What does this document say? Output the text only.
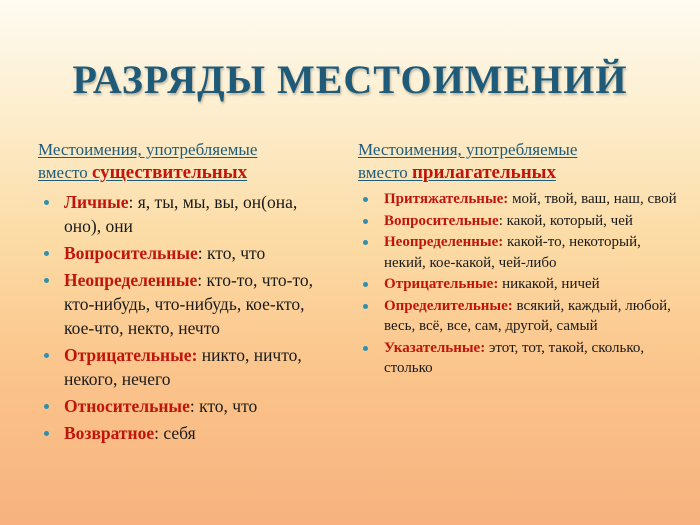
РАЗРЯДЫ МЕСТОИМЕНИЙ
Местоимения, употребляемые
вместо существительных
Личные: я, ты, мы, вы, он(она, оно), они
Вопросительные: кто, что
Неопределенные: кто-то, что-то, кто-нибудь, что-нибудь, кое-кто, кое-что, некто, нечто
Отрицательные: никто, ничто, некого, нечего
Относительные: кто, что
Возвратное: себя
Местоимения, употребляемые
вместо прилагательных
Притяжательные: мой, твой, ваш, наш, свой
Вопросительные: какой, который, чей
Неопределенные: какой-то, некоторый, некий, кое-какой, чей-либо
Отрицательные: никакой, ничей
Определительные: всякий, каждый, любой, весь, всё, все, сам, другой, самый
Указательные: этот, тот, такой, сколько, столько
